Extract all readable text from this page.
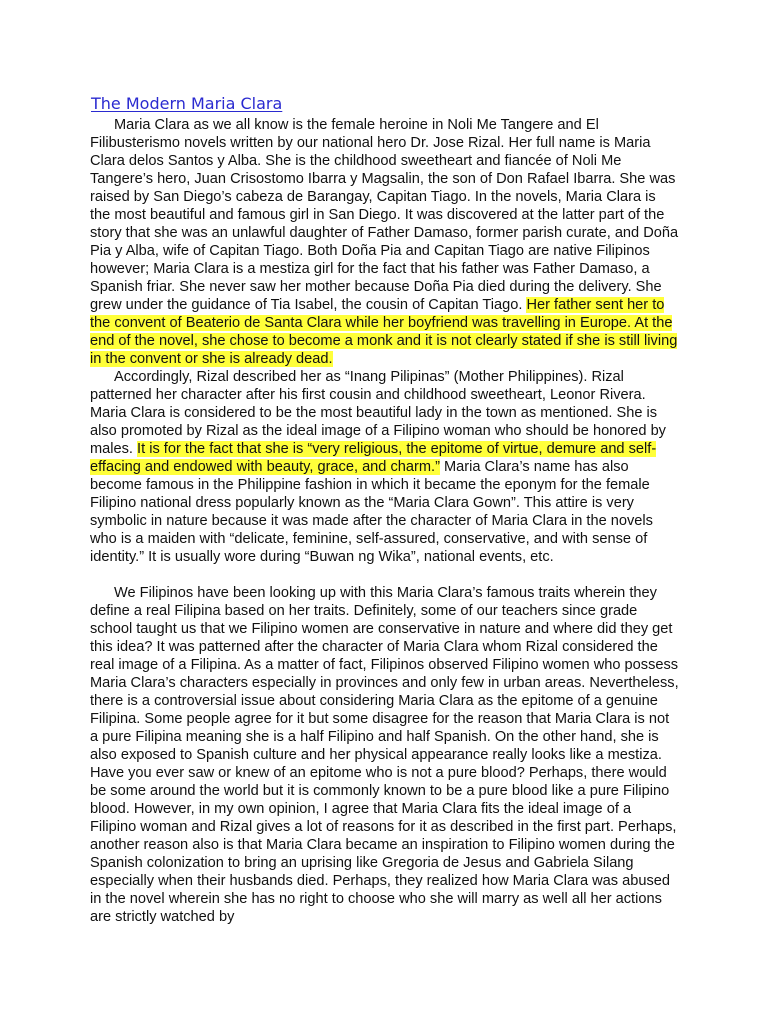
The Modern Maria Clara

Maria Clara as we all know is the female heroine in Noli Me Tangere and El Filibusterismo novels written by our national hero Dr. Jose Rizal. Her full name is Maria Clara delos Santos y Alba. She is the childhood sweetheart and fiancée of Noli Me Tangere’s hero, Juan Crisostomo Ibarra y Magsalin, the son of Don Rafael Ibarra. She was raised by San Diego’s cabeza de Barangay, Capitan Tiago. In the novels, Maria Clara is the most beautiful and famous girl in San Diego. It was discovered at the latter part of the story that she was an unlawful daughter of Father Damaso, former parish curate, and Doña Pia y Alba, wife of Capitan Tiago. Both Doña Pia and Capitan Tiago are native Filipinos however; Maria Clara is a mestiza girl for the fact that his father was Father Damaso, a Spanish friar. She never saw her mother because Doña Pia died during the delivery. She grew under the guidance of Tia Isabel, the cousin of Capitan Tiago. Her father sent her to the convent of Beaterio de Santa Clara while her boyfriend was travelling in Europe. At the end of the novel, she chose to become a monk and it is not clearly stated if she is still living in the convent or she is already dead.

Accordingly, Rizal described her as “Inang Pilipinas” (Mother Philippines). Rizal patterned her character after his first cousin and childhood sweetheart, Leonor Rivera. Maria Clara is considered to be the most beautiful lady in the town as mentioned. She is also promoted by Rizal as the ideal image of a Filipino woman who should be honored by males. It is for the fact that she is “very religious, the epitome of virtue, demure and self-effacing and endowed with beauty, grace, and charm.” Maria Clara’s name has also become famous in the Philippine fashion in which it became the eponym for the female Filipino national dress popularly known as the “Maria Clara Gown”. This attire is very symbolic in nature because it was made after the character of Maria Clara in the novels who is a maiden with “delicate, feminine, self-assured, conservative, and with sense of identity.” It is usually wore during “Buwan ng Wika”, national events, etc.

We Filipinos have been looking up with this Maria Clara’s famous traits wherein they define a real Filipina based on her traits. Definitely, some of our teachers since grade school taught us that we Filipino women are conservative in nature and where did they get this idea? It was patterned after the character of Maria Clara whom Rizal considered the real image of a Filipina. As a matter of fact, Filipinos observed Filipino women who possess Maria Clara’s characters especially in provinces and only few in urban areas. Nevertheless, there is a controversial issue about considering Maria Clara as the epitome of a genuine Filipina. Some people agree for it but some disagree for the reason that Maria Clara is not a pure Filipina meaning she is a half Filipino and half Spanish. On the other hand, she is also exposed to Spanish culture and her physical appearance really looks like a mestiza. Have you ever saw or knew of an epitome who is not a pure blood? Perhaps, there would be some around the world but it is commonly known to be a pure blood like a pure Filipino blood. However, in my own opinion, I agree that Maria Clara fits the ideal image of a Filipino woman and Rizal gives a lot of reasons for it as described in the first part. Perhaps, another reason also is that Maria Clara became an inspiration to Filipino women during the Spanish colonization to bring an uprising like Gregoria de Jesus and Gabriela Silang especially when their husbands died. Perhaps, they realized how Maria Clara was abused in the novel wherein she has no right to choose who she will marry as well all her actions are strictly watched by
